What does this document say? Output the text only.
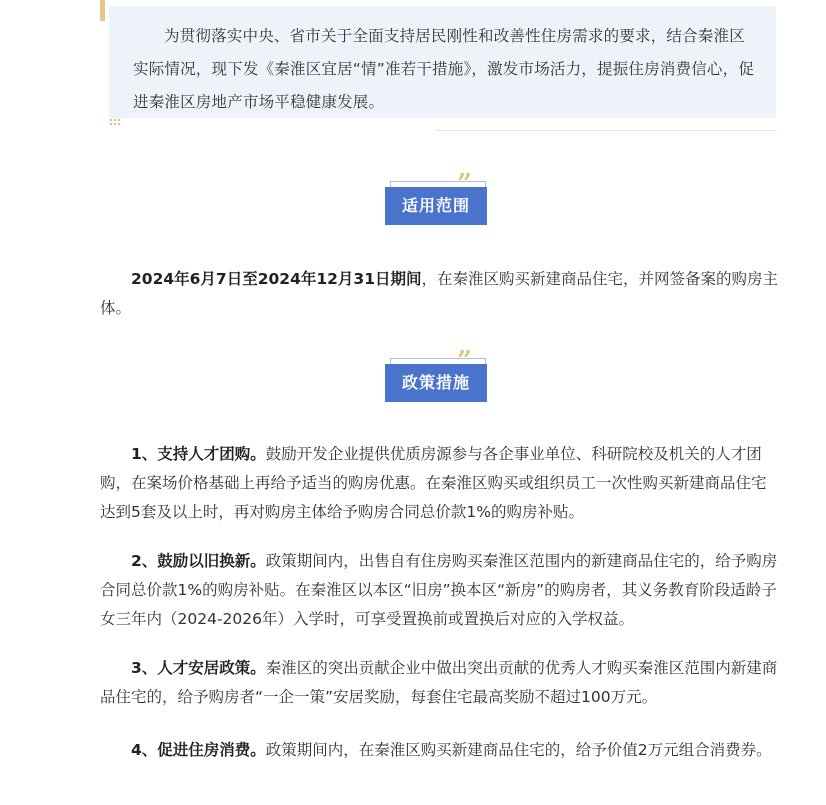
为贯彻落实中央、省市关于全面支持居民刚性和改善性住房需求的要求，结合秦淮区实际情况，现下发《秦淮区宜居“情”准若干措施》，激发市场活力，提振住房消费信心，促进秦淮区房地产市场平稳健康发展。

适用范围
”

2024年6月7日至2024年12月31日期间，在秦淮区购买新建商品住宅，并网签备案的购房主体。

政策措施
”

1、支持人才团购。鼓励开发企业提供优质房源参与各企事业单位、科研院校及机关的人才团购，在案场价格基础上再给予适当的购房优惠。在秦淮区购买或组织员工一次性购买新建商品住宅达到5套及以上时，再对购房主体给予购房合同总价款1%的购房补贴。

2、鼓励以旧换新。政策期间内，出售自有住房购买秦淮区范围内的新建商品住宅的，给予购房合同总价款1%的购房补贴。在秦淮区以本区“旧房”换本区“新房”的购房者，其义务教育阶段适龄子女三年内（2024-2026年）入学时，可享受置换前或置换后对应的入学权益。

3、人才安居政策。秦淮区的突出贡献企业中做出突出贡献的优秀人才购买秦淮区范围内新建商品住宅的，给予购房者“一企一策”安居奖励，每套住宅最高奖励不超过100万元。

4、促进住房消费。政策期间内，在秦淮区购买新建商品住宅的，给予价值2万元组合消费券。
